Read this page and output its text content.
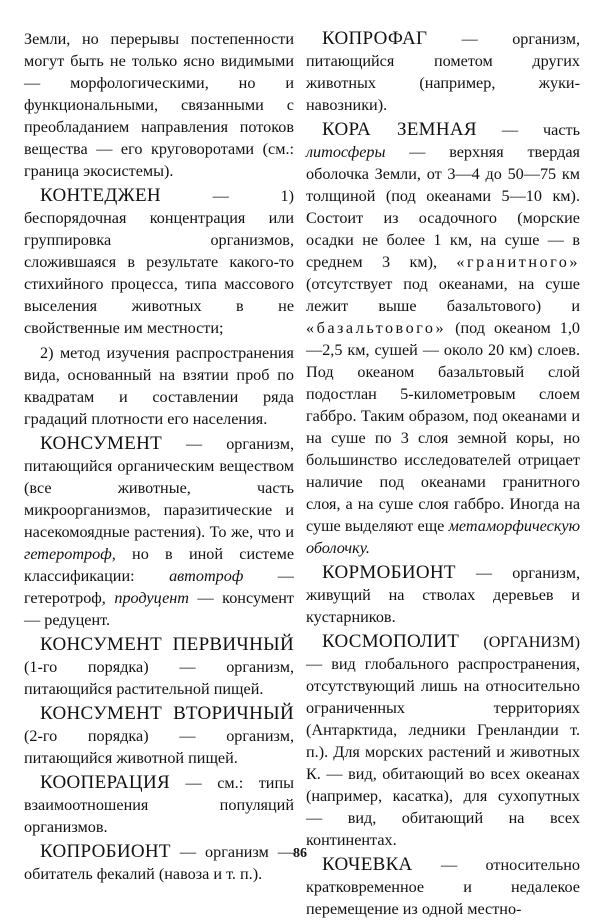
Земли, но перерывы постепенности могут быть не только ясно видимыми — морфологическими, но и функциональными, связанными с преобладанием направления потоков вещества — его круговоротами (см.: граница экосистемы).

КОНТЕДЖЕН — 1) беспорядочная концентрация или группировка организмов, сложившаяся в результате какого-то стихийного процесса, типа массового выселения животных в не свойственные им местности;

2) метод изучения распространения вида, основанный на взятии проб по квадратам и составлении ряда градаций плотности его населения.

КОНСУМЕНТ — организм, питающийся органическим веществом (все животные, часть микроорганизмов, паразитические и насекомоядные растения). То же, что и гетеротроф, но в иной системе классификации: автотроф — гетеротроф, продуцент — консумент — редуцент.

КОНСУМЕНТ ПЕРВИЧНЫЙ (1-го порядка) — организм, питающийся растительной пищей.

КОНСУМЕНТ ВТОРИЧНЫЙ (2-го порядка) — организм, питающийся животной пищей.

КООПЕРАЦИЯ — см.: типы взаимоотношения популяций организмов.

КОПРОБИОНТ — организм — обитатель фекалий (навоза и т. п.).

КОПРОФАГ — организм, питающийся пометом других животных (например, жуки-навозники).

КОРА ЗЕМНАЯ — часть литосферы — верхняя твердая оболочка Земли, от 3—4 до 50—75 км толщиной (под океанами 5—10 км). Состоит из осадочного (морские осадки не более 1 км, на суше — в среднем 3 км), «гранитного» (отсутствует под океанами, на суше лежит выше базальтового) и «базальтового» (под океаном 1,0—2,5 км, сушей — около 20 км) слоев. Под океаном базальтовый слой подостлан 5-километровым слоем габбро. Таким образом, под океанами и на суше по 3 слоя земной коры, но большинство исследователей отрицает наличие под океанами гранитного слоя, а на суше слоя габбро. Иногда на суше выделяют еще метаморфическую оболочку.

КОРМОБИОНТ — организм, живущий на стволах деревьев и кустарников.

КОСМОПОЛИТ (ОРГАНИЗМ) — вид глобального распространения, отсутствующий лишь на относительно ограниченных территориях (Антарктида, ледники Гренландии т. п.). Для морских растений и животных К. — вид, обитающий во всех океанах (например, касатка), для сухопутных — вид, обитающий на всех континентах.

КОЧЕВКА — относительно кратковременное и недалекое перемещение из одной местно-

86
